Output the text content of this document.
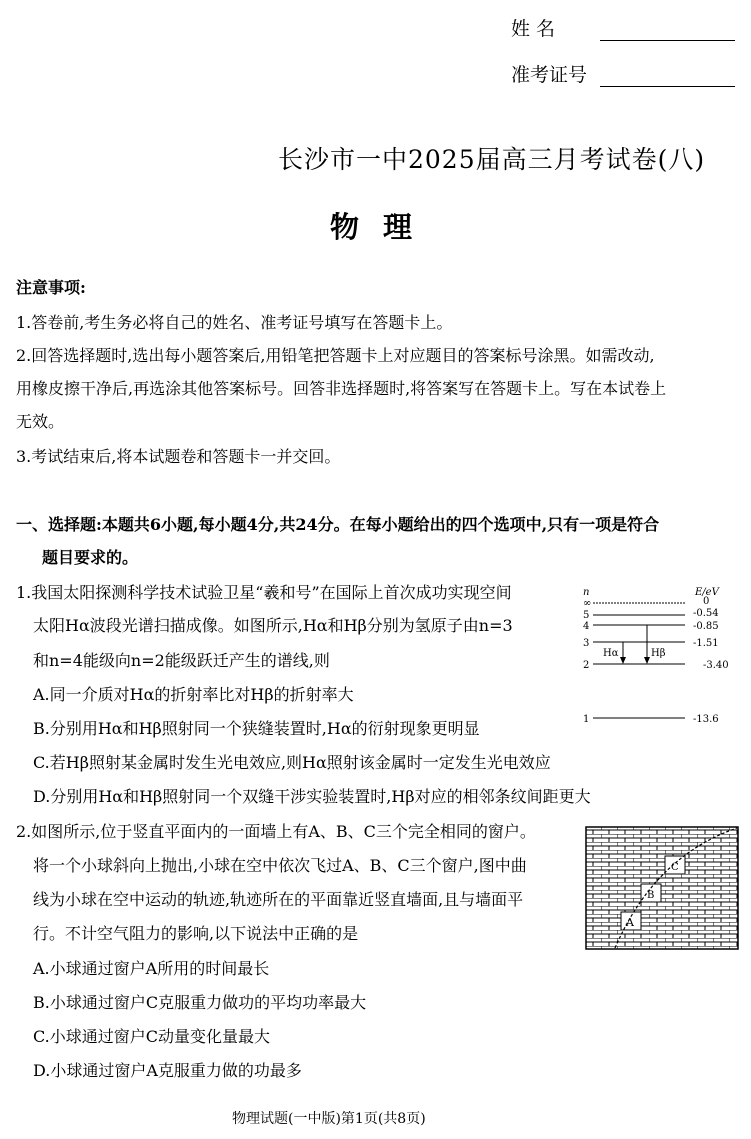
姓 名
准考证号
长沙市一中2025届高三月考试卷(八)
物理
注意事项:
1.答卷前,考生务必将自己的姓名、准考证号填写在答题卡上。
2.回答选择题时,选出每小题答案后,用铅笔把答题卡上对应题目的答案标号涂黑。如需改动,
用橡皮擦干净后,再选涂其他答案标号。回答非选择题时,将答案写在答题卡上。写在本试卷上
无效。
3.考试结束后,将本试题卷和答题卡一并交回。
一、选择题:本题共6小题,每小题4分,共24分。在每小题给出的四个选项中,只有一项是符合
题目要求的。
1.我国太阳探测科学技术试验卫星“羲和号”在国际上首次成功实现空间
太阳Hα波段光谱扫描成像。如图所示,Hα和Hβ分别为氢原子由n=3
和n=4能级向n=2能级跃迁产生的谱线,则
A.同一介质对Hα的折射率比对Hβ的折射率大
B.分别用Hα和Hβ照射同一个狭缝装置时,Hα的衍射现象更明显
C.若Hβ照射某金属时发生光电效应,则Hα照射该金属时一定发生光电效应
D.分别用Hα和Hβ照射同一个双缝干涉实验装置时,Hβ对应的相邻条纹间距更大
n	E/eV
∞	0
5	-0.54
4	-0.85
3	-1.51
2	-3.40
1	-13.6
Hα	Hβ
2.如图所示,位于竖直平面内的一面墙上有A、B、C三个完全相同的窗户。
将一个小球斜向上抛出,小球在空中依次飞过A、B、C三个窗户,图中曲
线为小球在空中运动的轨迹,轨迹所在的平面靠近竖直墙面,且与墙面平
行。不计空气阻力的影响,以下说法中正确的是
A.小球通过窗户A所用的时间最长
B.小球通过窗户C克服重力做功的平均功率最大
C.小球通过窗户C动量变化量最大
D.小球通过窗户A克服重力做的功最多
A
B
C
物理试题(一中版)第1页(共8页)
